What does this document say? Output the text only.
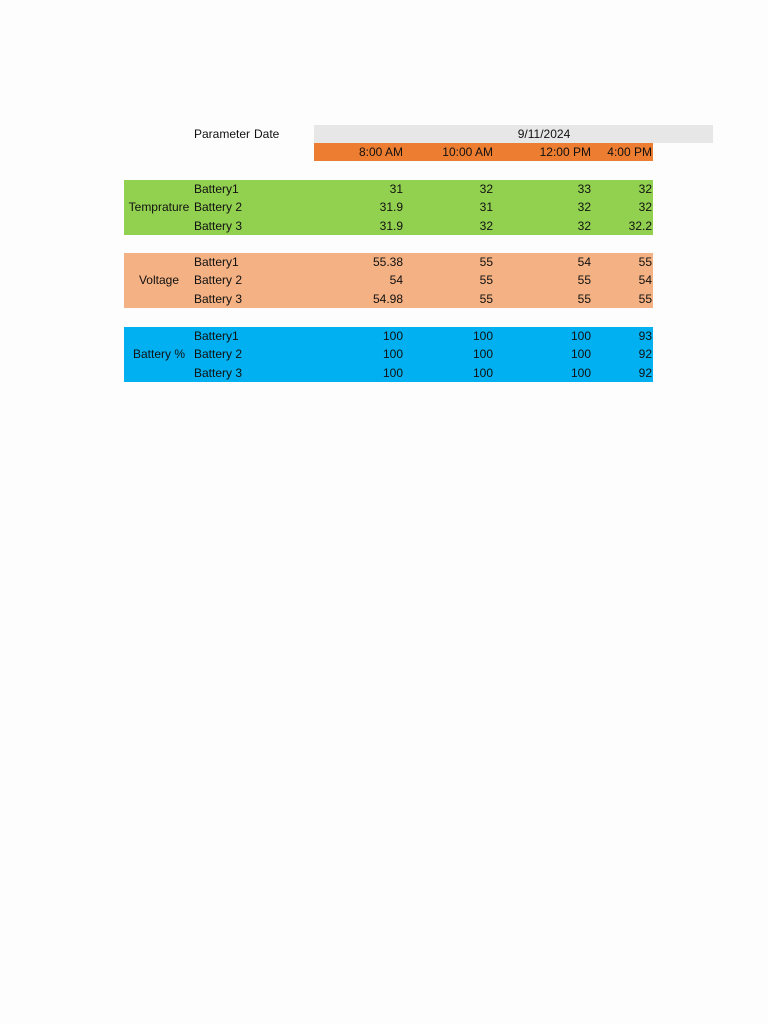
Parameter Date	9/11/2024
8:00 AM	10:00 AM	12:00 PM	4:00 PM
Temprature
Battery1	31	32	33	32
Battery 2	31.9	31	32	32
Battery 3	31.9	32	32	32.2
Voltage
Battery1	55.38	55	54	55
Battery 2	54	55	55	54
Battery 3	54.98	55	55	55
Battery %
Battery1	100	100	100	93
Battery 2	100	100	100	92
Battery 3	100	100	100	92
